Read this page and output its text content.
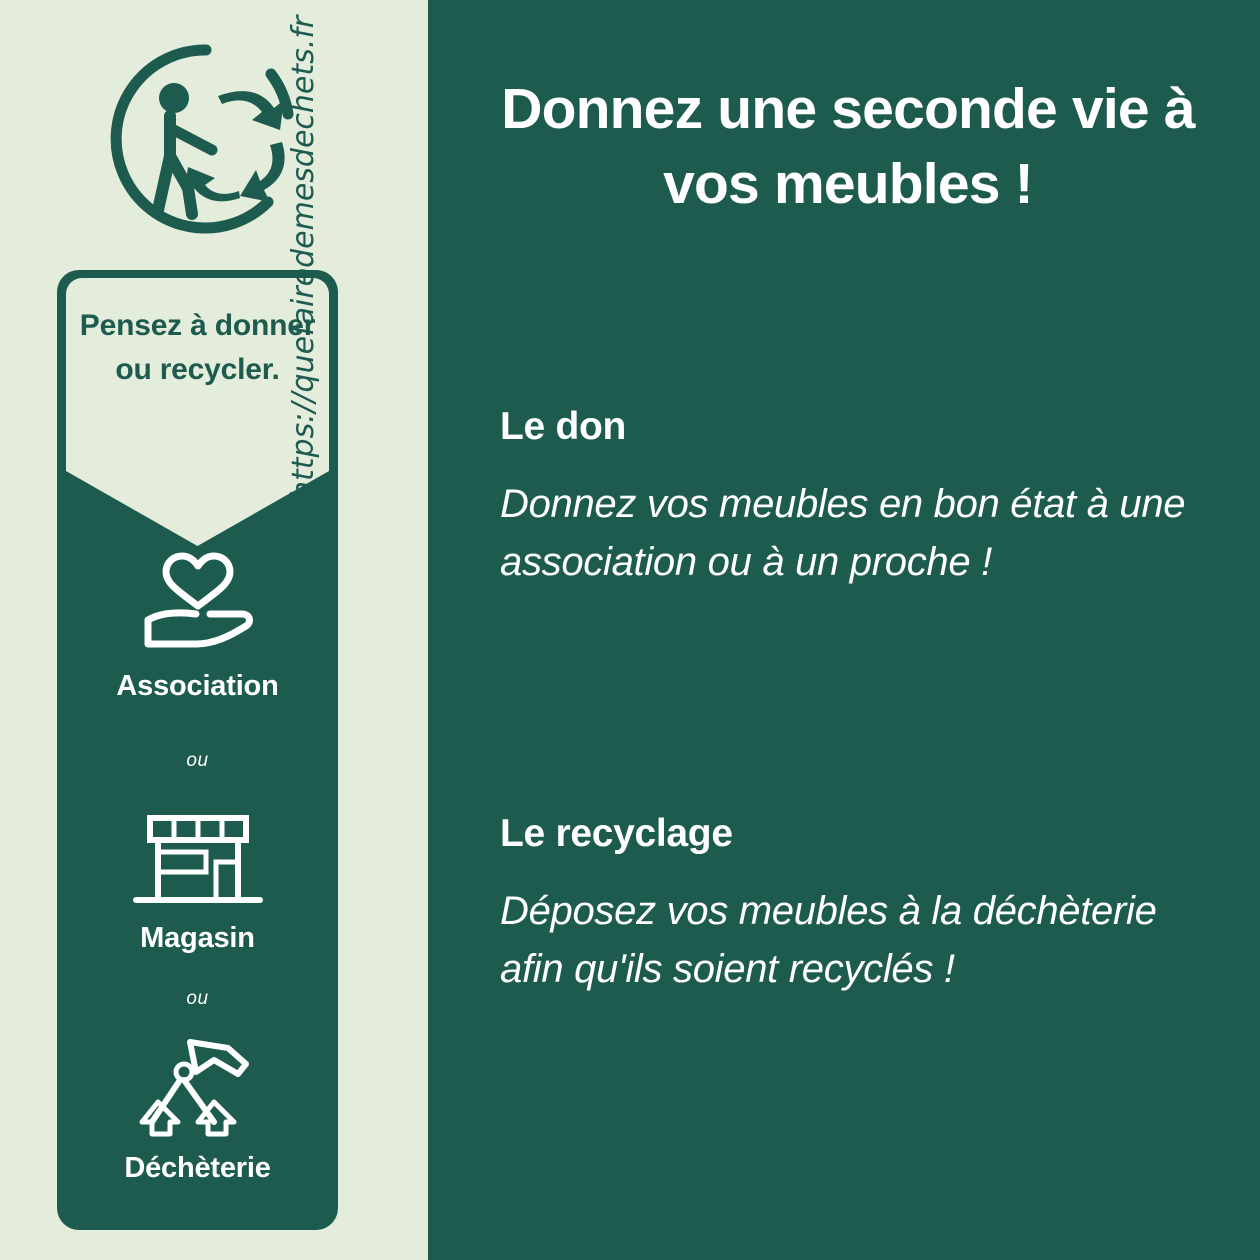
Pensez à donner ou recycler.
Association
ou
Magasin
ou
Déchèterie
https://quefairedemesdechets.fr	Donnez une seconde vie à vos meubles !

Le don

Donnez vos meubles en bon état à une association ou à un proche !

Le recyclage

Déposez vos meubles à la déchèterie afin qu'ils soient recyclés !
